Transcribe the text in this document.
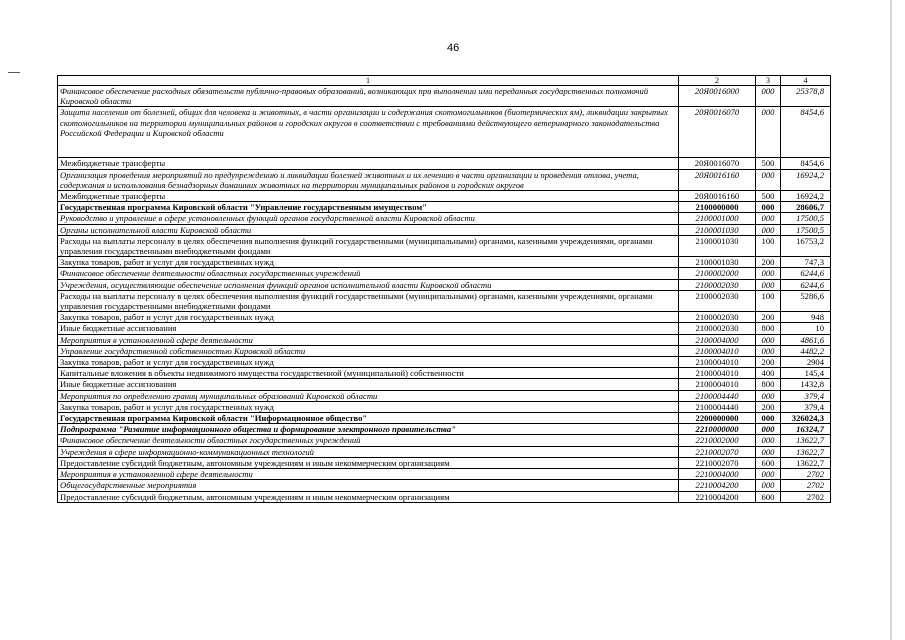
46
1	2	3	4
Финансовое обеспечение расходных обязательств публично-правовых образований, возникающих при выполнении ими переданных государственных полномочий Кировской области	20Я0016000	000	25378,8
Защита населения от болезней, общих для человека и животных, в части организации и содержания скотомогильников (биотермических ям), ликвидации закрытых скотомогильников на территории муниципальных районов и городских округов в соответствии с требованиями действующего ветеринарного законодательства Российской Федерации и Кировской области	20Я0016070	000	8454,6
Межбюджетные трансферты	20Я0016070	500	8454,6
Организация проведения мероприятий по предупреждению и ликвидации болезней животных и их лечению в части организации и проведения отлова, учета, содержания и использования безнадзорных домашних животных на территории муниципальных районов и городских округов	20Я0016160	000	16924,2
Межбюджетные трансферты	20Я0016160	500	16924,2
Государственная программа Кировской области "Управление государственным имуществом"	2100000000	000	28606,7
Руководство и управление в сфере установленных функций органов государственной власти Кировской области	2100001000	000	17500,5
Органы исполнительной власти Кировской области	2100001030	000	17500,5
Расходы на выплаты персоналу в целях обеспечения выполнения функций государственными (муниципальными) органами, казенными учреждениями, органами управления государственными внебюджетными фондами	2100001030	100	16753,2
Закупка товаров, работ и услуг для государственных нужд	2100001030	200	747,3
Финансовое обеспечение деятельности областных государственных учреждений	2100002000	000	6244,6
Учреждения, осуществляющие обеспечение исполнения функций органов исполнительной власти Кировской области	2100002030	000	6244,6
Расходы на выплаты персоналу в целях обеспечения выполнения функций государственными (муниципальными) органами, казенными учреждениями, органами управления государственными внебюджетными фондами	2100002030	100	5286,6
Закупка товаров, работ и услуг для государственных нужд	2100002030	200	948
Иные бюджетные ассигнования	2100002030	800	10
Мероприятия в установленной сфере деятельности	2100004000	000	4861,6
Управление государственной собственностью Кировской области	2100004010	000	4482,2
Закупка товаров, работ и услуг для государственных нужд	2100004010	200	2904
Капитальные вложения в объекты недвижимого имущества государственной (муниципальной) собственности	2100004010	400	145,4
Иные бюджетные ассигнования	2100004010	800	1432,8
Мероприятия по определению границ муниципальных образований Кировской области	2100004440	000	379,4
Закупка товаров, работ и услуг для государственных нужд	2100004440	200	379,4
Государственная программа Кировской области "Информационное общество"	2200000000	000	326024,3
Подпрограмма "Развитие информационного общества и формирование электронного правительства"	2210000000	000	16324,7
Финансовое обеспечение деятельности областных государственных учреждений	2210002000	000	13622,7
Учреждения в сфере информационно-коммуникационных технологий	2210002070	000	13622,7
Предоставление субсидий бюджетным, автономным учреждениям и иным некоммерческим организациям	2210002070	600	13622,7
Мероприятия в установленной сфере деятельности	2210004000	000	2702
Общегосударственные мероприятия	2210004200	000	2702
Предоставление субсидий бюджетным, автономным учреждениям и иным некоммерческим организациям	2210004200	600	2702
